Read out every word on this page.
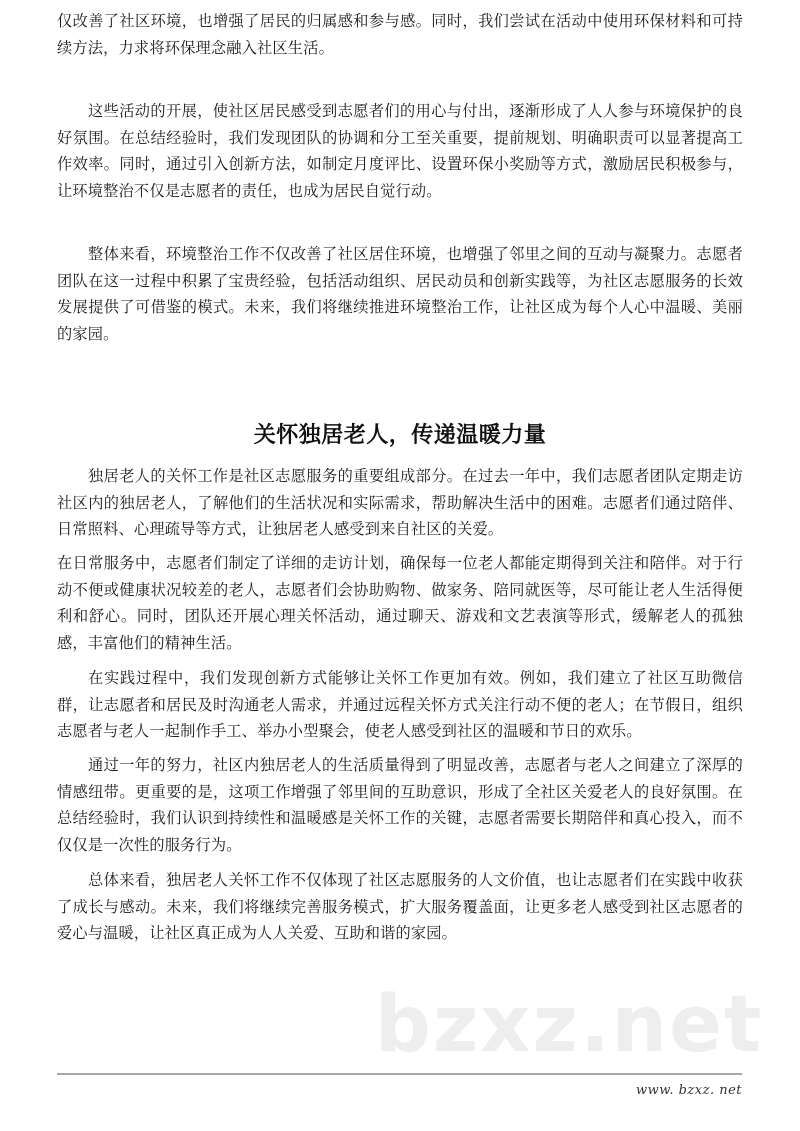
仅改善了社区环境，也增强了居民的归属感和参与感。同时，我们尝试在活动中使用环保材料和可持续方法，力求将环保理念融入社区生活。

这些活动的开展，使社区居民感受到志愿者们的用心与付出，逐渐形成了人人参与环境保护的良好氛围。在总结经验时，我们发现团队的协调和分工至关重要，提前规划、明确职责可以显著提高工作效率。同时，通过引入创新方法，如制定月度评比、设置环保小奖励等方式，激励居民积极参与，让环境整治不仅是志愿者的责任，也成为居民自觉行动。

整体来看，环境整治工作不仅改善了社区居住环境，也增强了邻里之间的互动与凝聚力。志愿者团队在这一过程中积累了宝贵经验，包括活动组织、居民动员和创新实践等，为社区志愿服务的长效发展提供了可借鉴的模式。未来，我们将继续推进环境整治工作，让社区成为每个人心中温暖、美丽的家园。

关怀独居老人，传递温暖力量

独居老人的关怀工作是社区志愿服务的重要组成部分。在过去一年中，我们志愿者团队定期走访社区内的独居老人，了解他们的生活状况和实际需求，帮助解决生活中的困难。志愿者们通过陪伴、日常照料、心理疏导等方式，让独居老人感受到来自社区的关爱。

在日常服务中，志愿者们制定了详细的走访计划，确保每一位老人都能定期得到关注和陪伴。对于行动不便或健康状况较差的老人，志愿者们会协助购物、做家务、陪同就医等，尽可能让老人生活得便利和舒心。同时，团队还开展心理关怀活动，通过聊天、游戏和文艺表演等形式，缓解老人的孤独感，丰富他们的精神生活。

在实践过程中，我们发现创新方式能够让关怀工作更加有效。例如，我们建立了社区互助微信群，让志愿者和居民及时沟通老人需求，并通过远程关怀方式关注行动不便的老人；在节假日，组织志愿者与老人一起制作手工、举办小型聚会，使老人感受到社区的温暖和节日的欢乐。

通过一年的努力，社区内独居老人的生活质量得到了明显改善，志愿者与老人之间建立了深厚的情感纽带。更重要的是，这项工作增强了邻里间的互助意识，形成了全社区关爱老人的良好氛围。在总结经验时，我们认识到持续性和温暖感是关怀工作的关键，志愿者需要长期陪伴和真心投入，而不仅仅是一次性的服务行为。

总体来看，独居老人关怀工作不仅体现了社区志愿服务的人文价值，也让志愿者们在实践中收获了成长与感动。未来，我们将继续完善服务模式，扩大服务覆盖面，让更多老人感受到社区志愿者的爱心与温暖，让社区真正成为人人关爱、互助和谐的家园。

bzxz.net
www. bzxz. net
